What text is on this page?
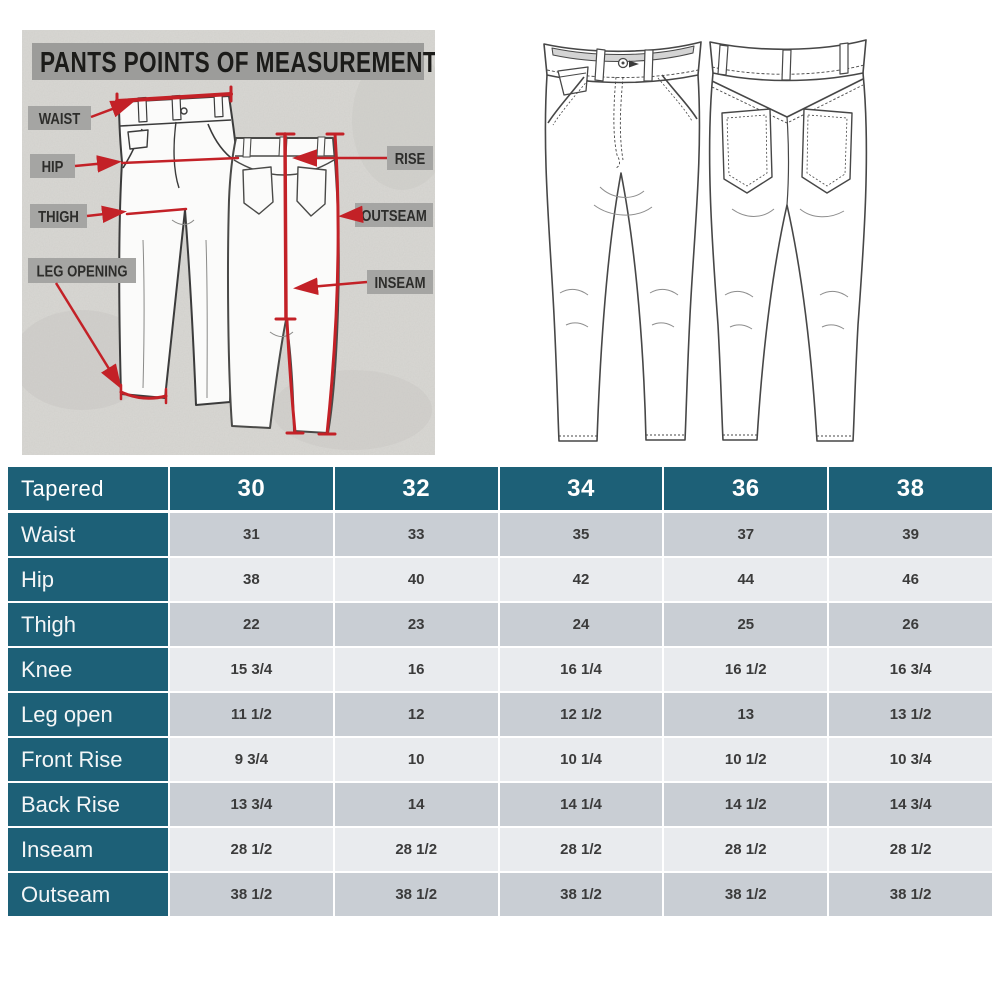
PANTS POINTS OF MEASUREMENT
WAIST
HIP
THIGH
LEG OPENING
RISE
OUTSEAM
INSEAM
Tapered	30	32	34	36	38
Waist	31	33	35	37	39
Hip	38	40	42	44	46
Thigh	22	23	24	25	26
Knee	15 3/4	16	16 1/4	16 1/2	16 3/4
Leg open	11 1/2	12	12 1/2	13	13 1/2
Front Rise	9 3/4	10	10 1/4	10 1/2	10 3/4
Back Rise	13 3/4	14	14 1/4	14 1/2	14 3/4
Inseam	28 1/2	28 1/2	28 1/2	28 1/2	28 1/2
Outseam	38 1/2	38 1/2	38 1/2	38 1/2	38 1/2
